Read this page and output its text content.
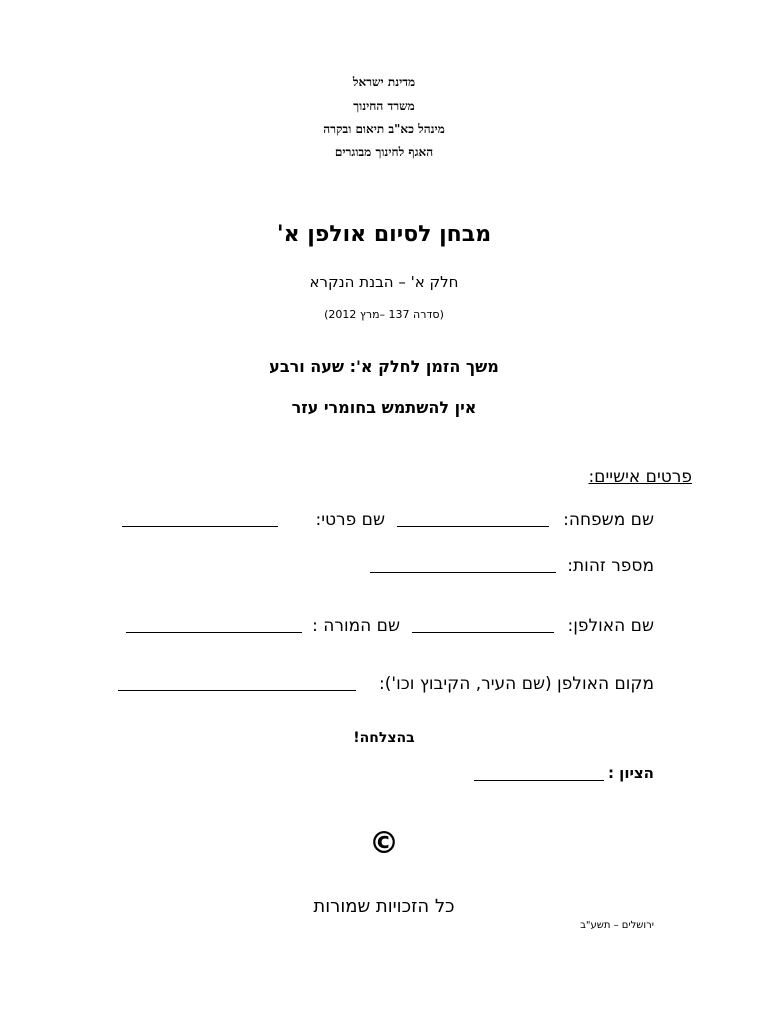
מדינת ישראל
משרד החינוך
מינהל כא"ב תיאום ובקרה
האגף לחינוך מבוגרים
מבחן לסיום אולפן א'
חלק א' – הבנת הנקרא
(סדרה 137 –מרץ 2012)
משך הזמן לחלק א': שעה ורבע
אין להשתמש בחומרי עזר
פרטים אישיים:
שם משפחה:
שם פרטי:
מספר זהות:
שם האולפן:
שם המורה :
מקום האולפן (שם העיר, הקיבוץ וכו'):
בהצלחה!
הציון :
©
כל הזכויות שמורות
ירושלים – תשע"ב
